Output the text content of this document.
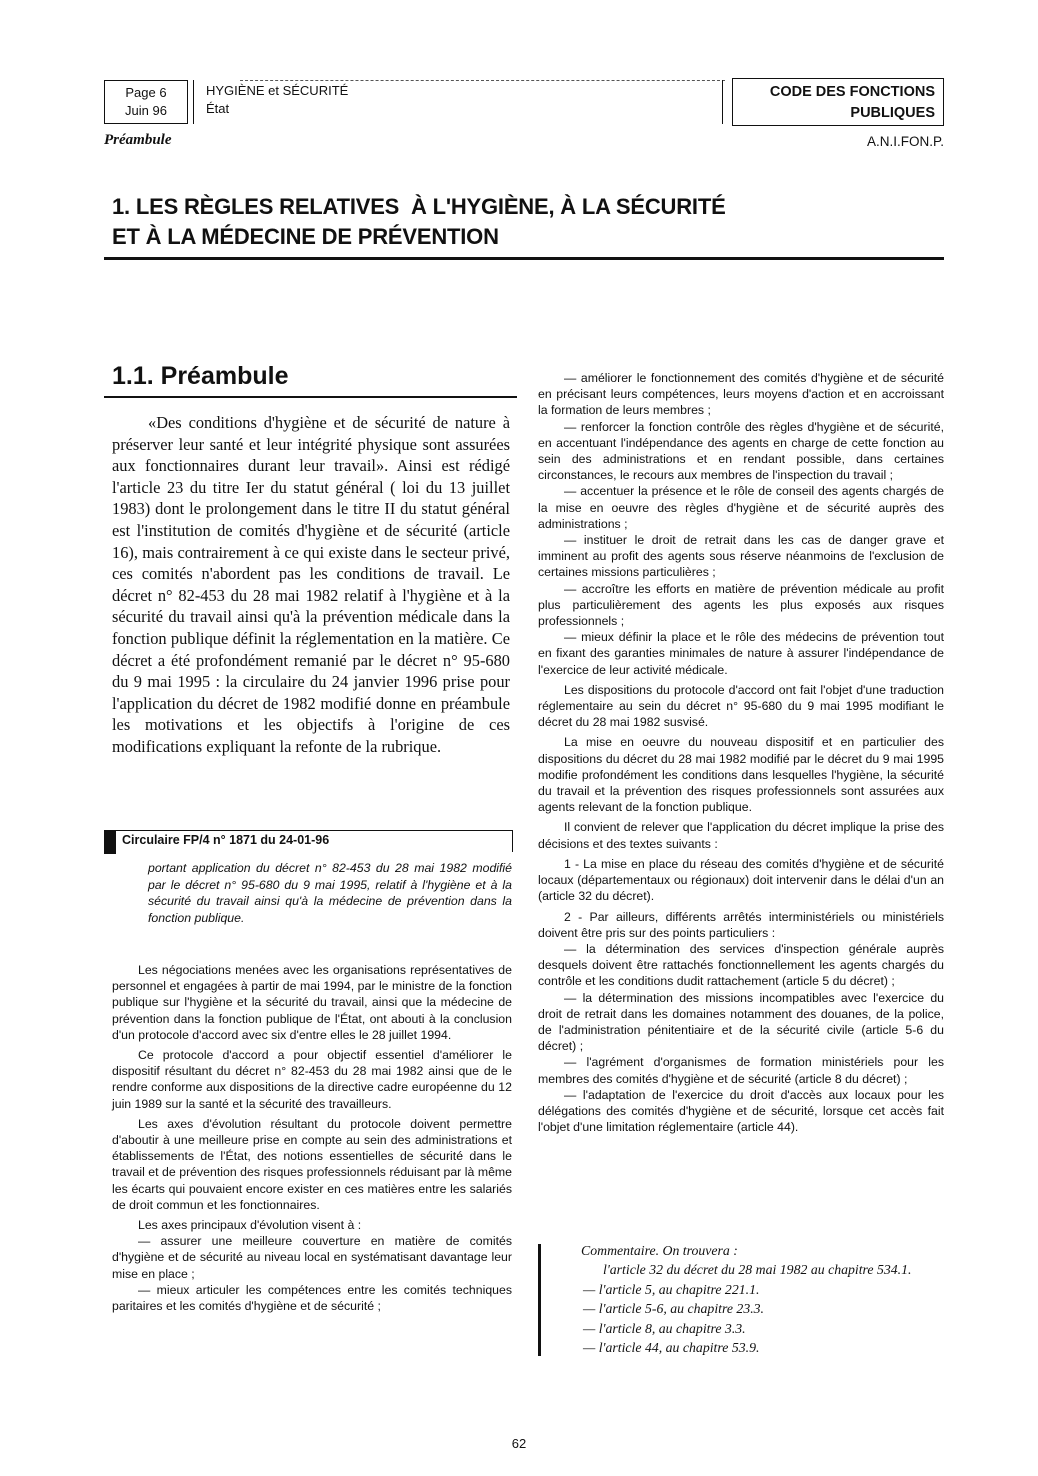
Page 6
Juin 96
HYGIÈNE et SÉCURITÉ
État
CODE DES FONCTIONS
PUBLIQUES
Préambule	A.N.I.FON.P.
1. LES RÈGLES RELATIVES  À L'HYGIÈNE, À LA SÉCURITÉ
ET À LA MÉDECINE DE PRÉVENTION
1.1. Préambule

«Des conditions d'hygiène et de sécurité de nature à préserver leur santé et leur intégrité physique sont assurées aux fonctionnaires durant leur travail». Ainsi est rédigé l'article 23 du titre Ier du statut général ( loi du 13 juillet 1983) dont le prolongement dans le titre II du statut général est l'institution de comités d'hygiène et de sécurité (article 16), mais contrairement à ce qui existe dans le secteur privé, ces comités n'abordent pas les conditions de travail. Le décret n° 82-453 du 28 mai 1982 relatif à l'hygiène et à la sécurité du travail ainsi qu'à la prévention médicale dans la fonction publique définit la réglementation en la matière. Ce décret a été profondément remanié par le décret n° 95-680 du 9 mai 1995 : la circulaire du 24 janvier 1996 prise pour l'application du décret de 1982 modifié donne en préambule les motivations et les objectifs à l'origine de ces modifications expliquant la refonte de la rubrique.

Circulaire FP/4 n° 1871 du 24-01-96
portant application du décret n° 82-453 du 28 mai 1982 modifié par le décret n° 95-680 du 9 mai 1995, relatif à l'hygiène et à la sécurité du travail ainsi qu'à la médecine de prévention dans la fonction publique.

Les négociations menées avec les organisations représentatives de personnel et engagées à partir de mai 1994, par le ministre de la fonction publique sur l'hygiène et la sécurité du travail, ainsi que la médecine de prévention dans la fonction publique de l'État, ont abouti à la conclusion d'un protocole d'accord avec six d'entre elles le 28 juillet 1994.

Ce protocole d'accord a pour objectif essentiel d'améliorer le dispositif résultant du décret n° 82-453 du 28 mai 1982 ainsi que de le rendre conforme aux dispositions de la directive cadre européenne du 12 juin 1989 sur la santé et la sécurité des travailleurs.

Les axes d'évolution résultant du protocole doivent permettre d'aboutir à une meilleure prise en compte au sein des administrations et établissements de l'État, des notions essentielles de sécurité dans le travail et de prévention des risques professionnels réduisant par là même les écarts qui pouvaient encore exister en ces matières entre les salariés de droit commun et les fonctionnaires.

Les axes principaux d'évolution visent à :

— assurer une meilleure couverture en matière de comités d'hygiène et de sécurité au niveau local en systématisant davantage leur mise en place ;

— mieux articuler les compétences entre les comités techniques paritaires et les comités d'hygiène et de sécurité ;

— améliorer le fonctionnement des comités d'hygiène et de sécurité en précisant leurs compétences, leurs moyens d'action et en accroissant la formation de leurs membres ;

— renforcer la fonction contrôle des règles d'hygiène et de sécurité, en accentuant l'indépendance des agents en charge de cette fonction au sein des administrations et en rendant possible, dans certaines circonstances, le recours aux membres de l'inspection du travail ;

— accentuer la présence et le rôle de conseil des agents chargés de la mise en oeuvre des règles d'hygiène et de sécurité auprès des administrations ;

— instituer le droit de retrait dans les cas de danger grave et imminent au profit des agents sous réserve néanmoins de l'exclusion de certaines missions particulières ;

— accroître les efforts en matière de prévention médicale au profit plus particulièrement des agents les plus exposés aux risques professionnels ;

— mieux définir la place et le rôle des médecins de prévention tout en fixant des garanties minimales de nature à assurer l'indépendance de l'exercice de leur activité médicale.

Les dispositions du protocole d'accord ont fait l'objet d'une traduction réglementaire au sein du décret n° 95-680 du 9 mai 1995 modifiant le décret du 28 mai 1982 susvisé.

La mise en oeuvre du nouveau dispositif et en particulier des dispositions du décret du 28 mai 1982 modifié par le décret du 9 mai 1995 modifie profondément les conditions dans lesquelles l'hygiène, la sécurité du travail et la prévention des risques professionnels sont assurées aux agents relevant de la fonction publique.

Il convient de relever que l'application du décret implique la prise des décisions et des textes suivants :

1 - La mise en place du réseau des comités d'hygiène et de sécurité locaux (départementaux ou régionaux) doit intervenir dans le délai d'un an (article 32 du décret).

2 - Par ailleurs, différents arrêtés interministériels ou ministériels doivent être pris sur des points particuliers :

— la détermination des services d'inspection générale auprès desquels doivent être rattachés fonctionnellement les agents chargés du contrôle et les conditions dudit rattachement (article 5 du décret) ;

— la détermination des missions incompatibles avec l'exercice du droit de retrait dans les domaines notamment des douanes, de la police, de l'administration pénitentiaire et de la sécurité civile (article 5-6 du décret) ;

— l'agrément d'organismes de formation ministériels pour les membres des comités d'hygiène et de sécurité (article 8 du décret) ;

— l'adaptation de l'exercice du droit d'accès aux locaux pour les délégations des comités d'hygiène et de sécurité, lorsque cet accès fait l'objet d'une limitation réglementaire (article 44).

Commentaire. On trouvera :
l'article 32 du décret du 28 mai 1982 au chapitre 534.1.
— l'article 5, au chapitre 221.1.
— l'article 5-6, au chapitre 23.3.
— l'article 8, au chapitre 3.3.
— l'article 44, au chapitre 53.9.
62
